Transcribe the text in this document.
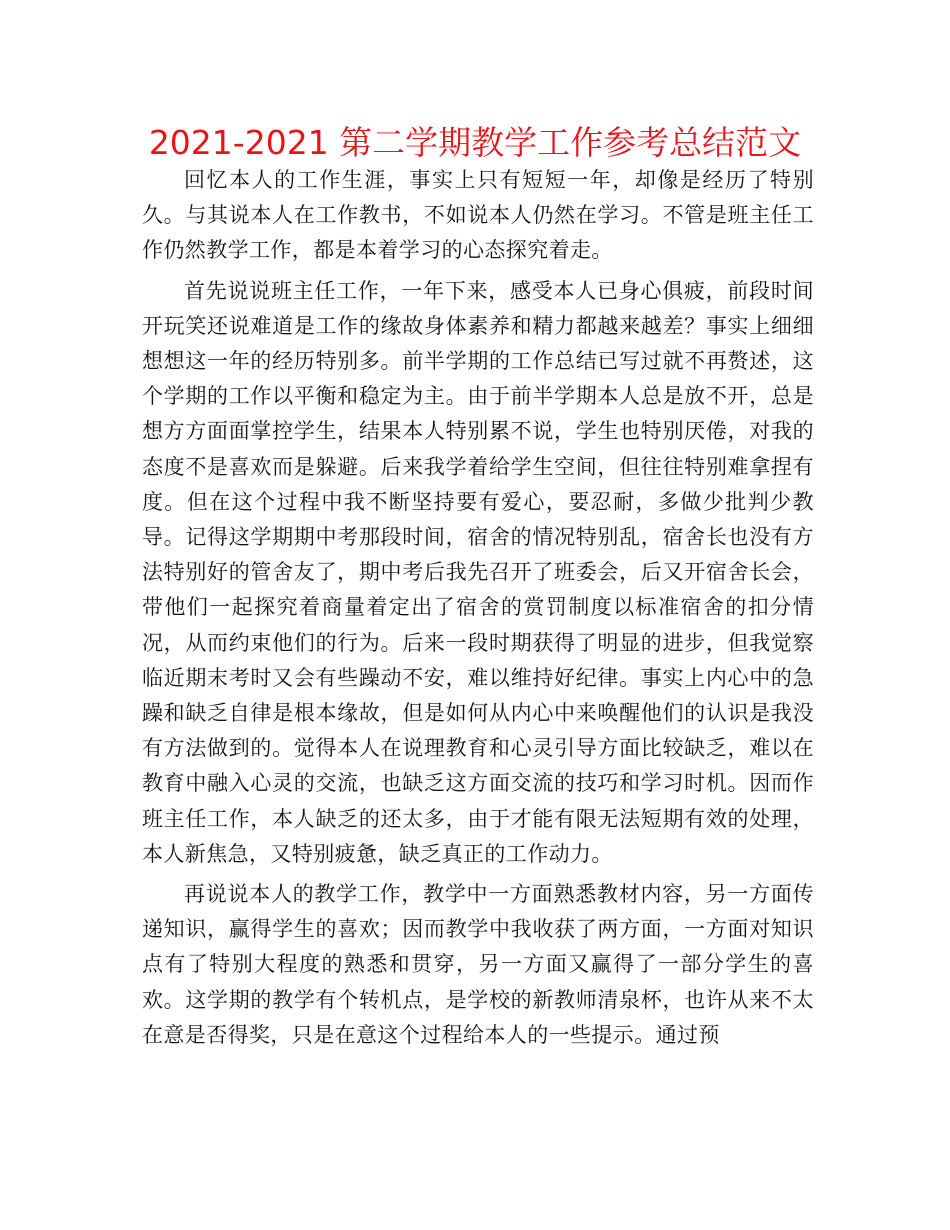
2021-2021 第二学期教学工作参考总结范文

回忆本人的工作生涯，事实上只有短短一年，却像是经历了特别久。与其说本人在工作教书，不如说本人仍然在学习。不管是班主任工作仍然教学工作，都是本着学习的心态探究着走。

首先说说班主任工作，一年下来，感受本人已身心俱疲，前段时间开玩笑还说难道是工作的缘故身体素养和精力都越来越差？事实上细细想想这一年的经历特别多。前半学期的工作总结已写过就不再赘述，这个学期的工作以平衡和稳定为主。由于前半学期本人总是放不开，总是想方方面面掌控学生，结果本人特别累不说，学生也特别厌倦，对我的态度不是喜欢而是躲避。后来我学着给学生空间，但往往特别难拿捏有度。但在这个过程中我不断坚持要有爱心，要忍耐，多做少批判少教导。记得这学期期中考那段时间，宿舍的情况特别乱，宿舍长也没有方法特别好的管舍友了，期中考后我先召开了班委会，后又开宿舍长会，带他们一起探究着商量着定出了宿舍的赏罚制度以标准宿舍的扣分情况，从而约束他们的行为。后来一段时期获得了明显的进步，但我觉察临近期末考时又会有些躁动不安，难以维持好纪律。事实上内心中的急躁和缺乏自律是根本缘故，但是如何从内心中来唤醒他们的认识是我没有方法做到的。觉得本人在说理教育和心灵引导方面比较缺乏，难以在教育中融入心灵的交流，也缺乏这方面交流的技巧和学习时机。因而作班主任工作，本人缺乏的还太多，由于才能有限无法短期有效的处理，本人新焦急，又特别疲惫，缺乏真正的工作动力。

再说说本人的教学工作，教学中一方面熟悉教材内容，另一方面传递知识，赢得学生的喜欢；因而教学中我收获了两方面，一方面对知识点有了特别大程度的熟悉和贯穿，另一方面又赢得了一部分学生的喜欢。这学期的教学有个转机点，是学校的新教师清泉杯，也许从来不太在意是否得奖，只是在意这个过程给本人的一些提示。通过预
